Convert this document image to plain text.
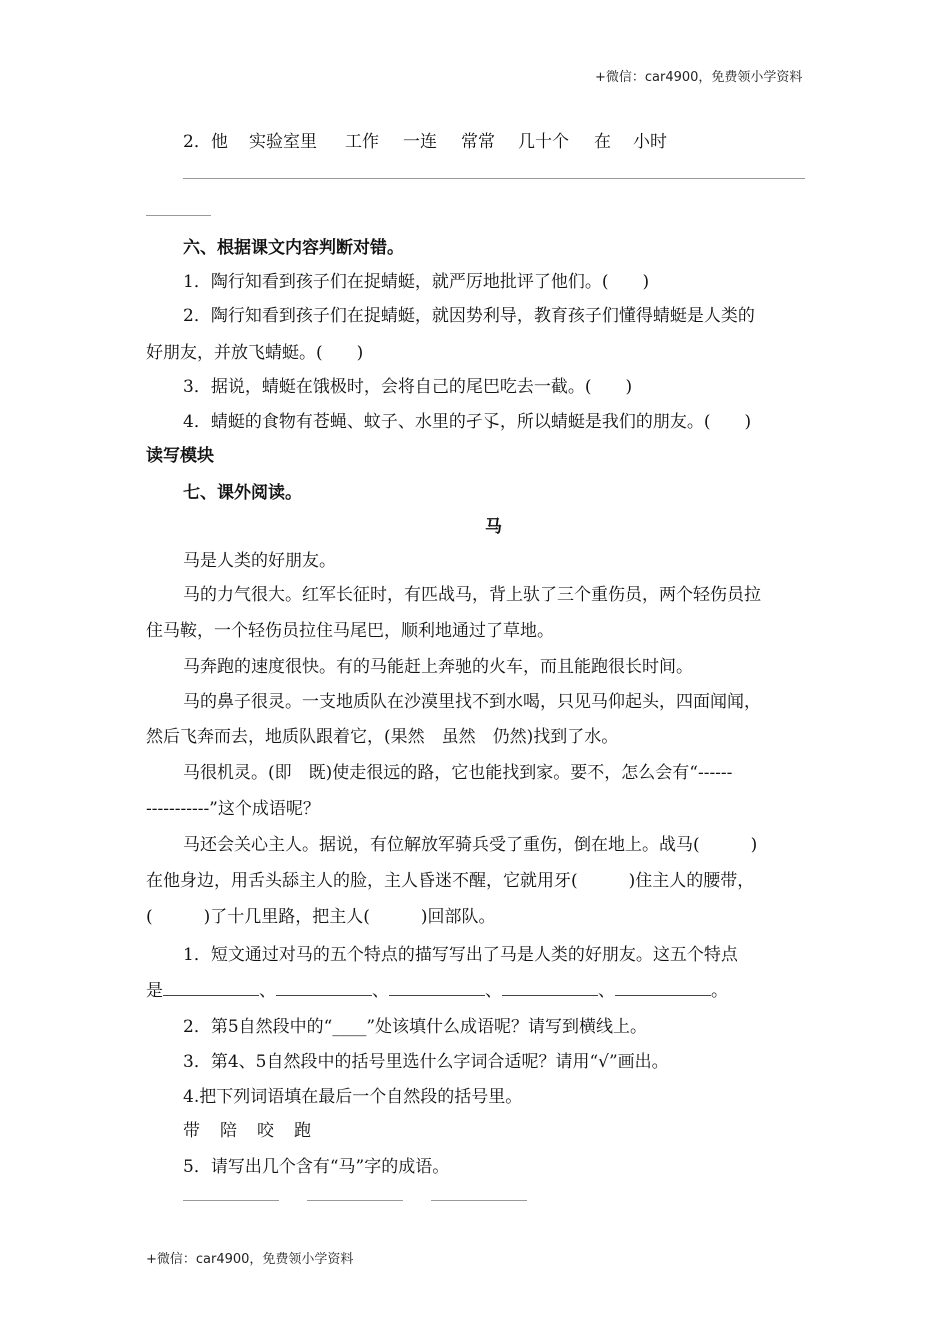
+微信：car4900，免费领小学资料
2．他 实验室里 工作 一连 常常 几十个 在 小时
六、根据课文内容判断对错。
1．陶行知看到孩子们在捉蜻蜓，就严厉地批评了他们。(　　)
2．陶行知看到孩子们在捉蜻蜓，就因势利导，教育孩子们懂得蜻蜓是人类的
好朋友，并放飞蜻蜓。(　　)
3．据说，蜻蜓在饿极时，会将自己的尾巴吃去一截。(　　)
4．蜻蜓的食物有苍蝇、蚊子、水里的孑孓，所以蜻蜓是我们的朋友。(　　)
读写模块
七、课外阅读。
马
马是人类的好朋友。
马的力气很大。红军长征时，有匹战马，背上驮了三个重伤员，两个轻伤员拉
住马鞍，一个轻伤员拉住马尾巴，顺利地通过了草地。
马奔跑的速度很快。有的马能赶上奔驰的火车，而且能跑很长时间。
马的鼻子很灵。一支地质队在沙漠里找不到水喝，只见马仰起头，四面闻闻，
然后飞奔而去，地质队跟着它，(果然　虽然　仍然)找到了水。
马很机灵。(即　既)使走很远的路，它也能找到家。要不，怎么会有“------
-----------”这个成语呢？
马还会关心主人。据说，有位解放军骑兵受了重伤，倒在地上。战马(　　　)
在他身边，用舌头舔主人的脸，主人昏迷不醒，它就用牙(　　　)住主人的腰带，
(　　　)了十几里路，把主人(　　　)回部队。
1．短文通过对马的五个特点的描写写出了马是人类的好朋友。这五个特点
是	、	、	、	、	。
2．第5自然段中的“____”处该填什么成语呢？请写到横线上。
3．第4、5自然段中的括号里选什么字词合适呢？请用“√”画出。
4.把下列词语填在最后一个自然段的括号里。
带 陪 咬 跑
5．请写出几个含有“马”字的成语。
+微信：car4900，免费领小学资料
